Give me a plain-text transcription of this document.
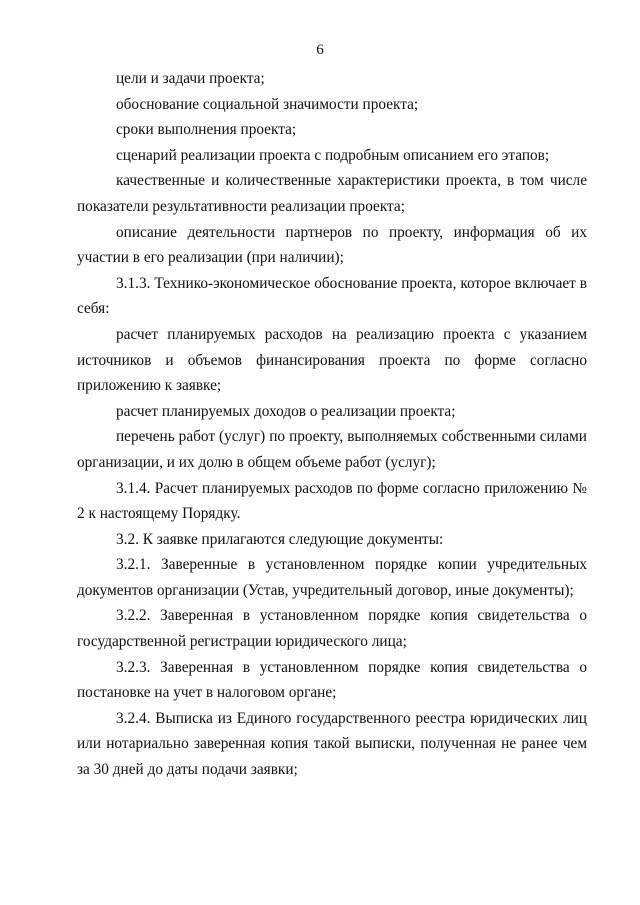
6

цели и задачи проекта;

обоснование социальной значимости проекта;

сроки выполнения проекта;

сценарий реализации проекта с подробным описанием его этапов;

качественные и количественные характеристики проекта, в том числе показатели результативности реализации проекта;

описание деятельности партнеров по проекту, информация об их участии в его реализации (при наличии);

3.1.3. Технико-экономическое обоснование проекта, которое включает в себя:

расчет планируемых расходов на реализацию проекта с указанием источников и объемов финансирования проекта по форме согласно приложению к заявке;

расчет планируемых доходов о реализации проекта;

перечень работ (услуг) по проекту, выполняемых собственными силами организации, и их долю в общем объеме работ (услуг);

3.1.4. Расчет планируемых расходов по форме согласно приложению № 2 к настоящему Порядку.

3.2. К заявке прилагаются следующие документы:

3.2.1. Заверенные в установленном порядке копии учредительных документов организации (Устав, учредительный договор, иные документы);

3.2.2. Заверенная в установленном порядке копия свидетельства о государственной регистрации юридического лица;

3.2.3. Заверенная в установленном порядке копия свидетельства о постановке на учет в налоговом органе;

3.2.4. Выписка из Единого государственного реестра юридических лиц или нотариально заверенная копия такой выписки, полученная не ранее чем за 30 дней до даты подачи заявки;
